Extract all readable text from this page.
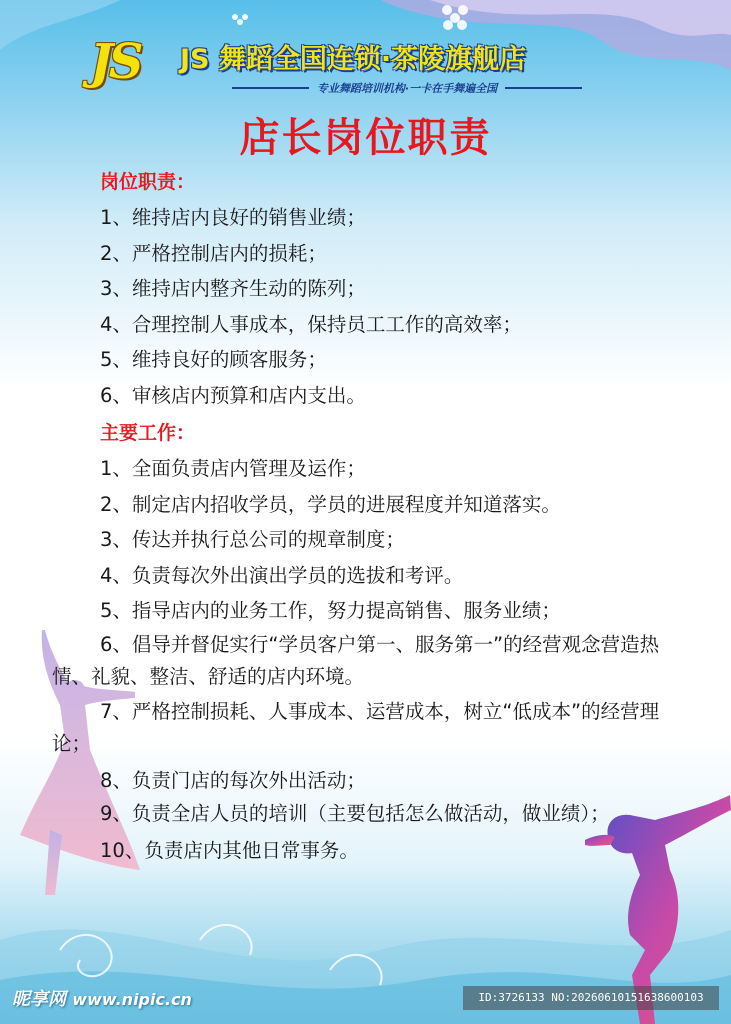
JS	JS 舞蹈全国连锁·茶陵旗舰店
专业舞蹈培训机构·一卡在手舞遍全国
店长岗位职责
岗位职责：
1、维持店内良好的销售业绩；
2、严格控制店内的损耗；
3、维持店内整齐生动的陈列；
4、合理控制人事成本，保持员工工作的高效率；
5、维持良好的顾客服务；
6、审核店内预算和店内支出。
主要工作：
1、全面负责店内管理及运作；
2、制定店内招收学员，学员的进展程度并知道落实。
3、传达并执行总公司的规章制度；
4、负责每次外出演出学员的选拔和考评。
5、指导店内的业务工作，努力提高销售、服务业绩；
6、倡导并督促实行“学员客户第一、服务第一”的经营观念营造热情、礼貌、整洁、舒适的店内环境。
7、严格控制损耗、人事成本、运营成本，树立“低成本”的经营理论；
8、负责门店的每次外出活动；
9、负责全店人员的培训（主要包括怎么做活动，做业绩）；
10、负责店内其他日常事务。
昵享网 www.nipic.cn	ID:3726133 NO:20260610151638600103
